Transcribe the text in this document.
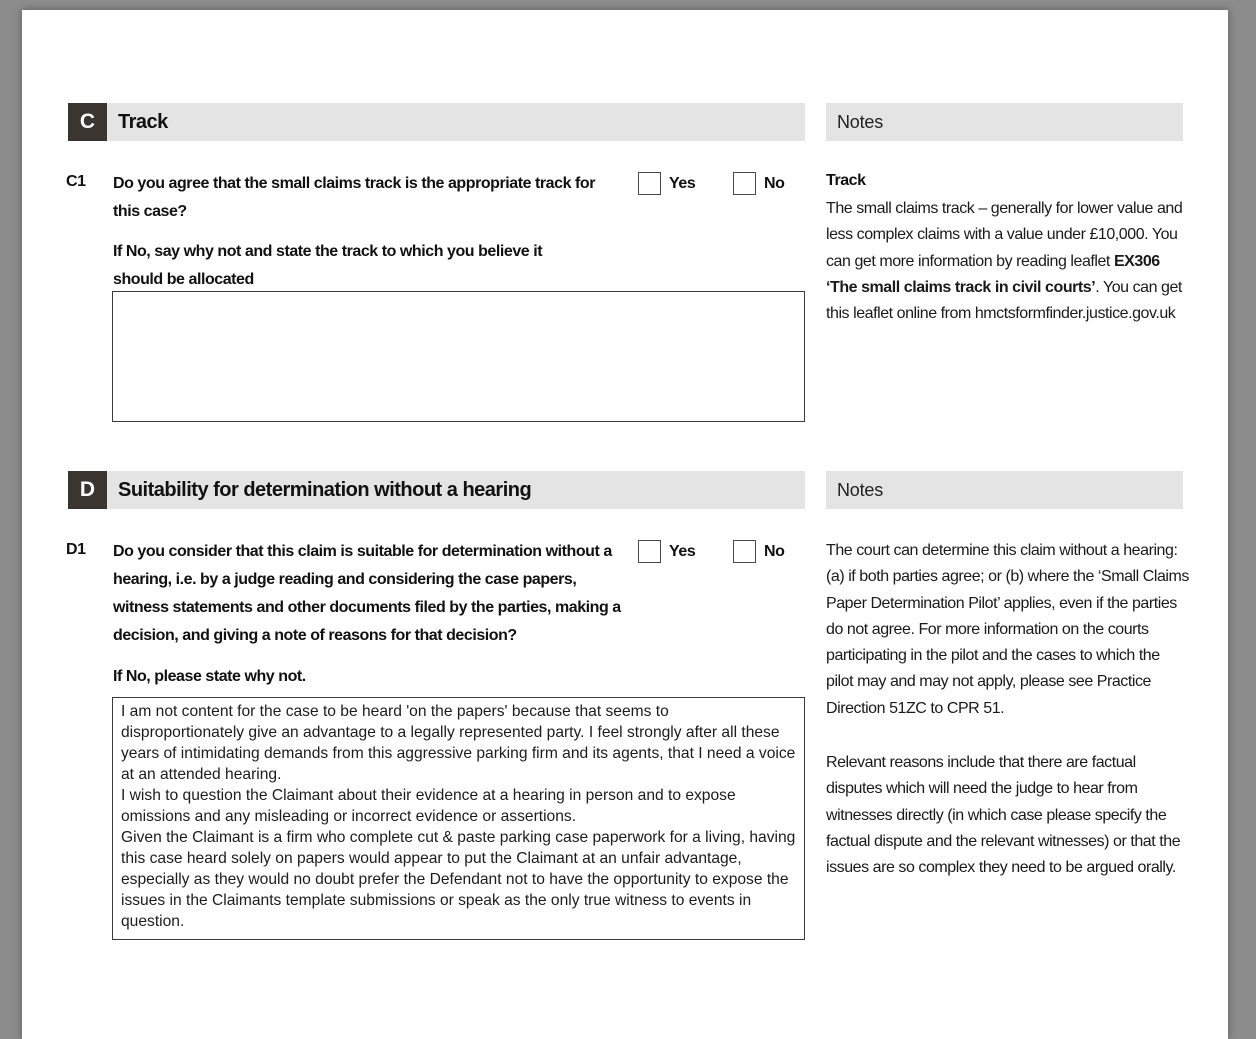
C	Track	Notes
C1 Do you agree that the small claims track is the appropriate track for this case?
Yes	No
If No, say why not and state the track to which you believe it should be allocated
Track
The small claims track – generally for lower value and less complex claims with a value under £10,000. You can get more information by reading leaflet EX306 ‘The small claims track in civil courts’. You can get this leaflet online from hmctsformfinder.justice.gov.uk
D	Suitability for determination without a hearing	Notes
D1 Do you consider that this claim is suitable for determination without a hearing, i.e. by a judge reading and considering the case papers, witness statements and other documents filed by the parties, making a decision, and giving a note of reasons for that decision?
Yes	No
If No, please state why not.
I am not content for the case to be heard 'on the papers' because that seems to disproportionately give an advantage to a legally represented party. I feel strongly after all these years of intimidating demands from this aggressive parking firm and its agents, that I need a voice at an attended hearing. I wish to question the Claimant about their evidence at a hearing in person and to expose omissions and any misleading or incorrect evidence or assertions. Given the Claimant is a firm who complete cut & paste parking case paperwork for a living, having this case heard solely on papers would appear to put the Claimant at an unfair advantage, especially as they would no doubt prefer the Defendant not to have the opportunity to expose the issues in the Claimants template submissions or speak as the only true witness to events in question.
The court can determine this claim without a hearing: (a) if both parties agree; or (b) where the ‘Small Claims Paper Determination Pilot’ applies, even if the parties do not agree. For more information on the courts participating in the pilot and the cases to which the pilot may and may not apply, please see Practice Direction 51ZC to CPR 51.
Relevant reasons include that there are factual disputes which will need the judge to hear from witnesses directly (in which case please specify the factual dispute and the relevant witnesses) or that the issues are so complex they need to be argued orally.
